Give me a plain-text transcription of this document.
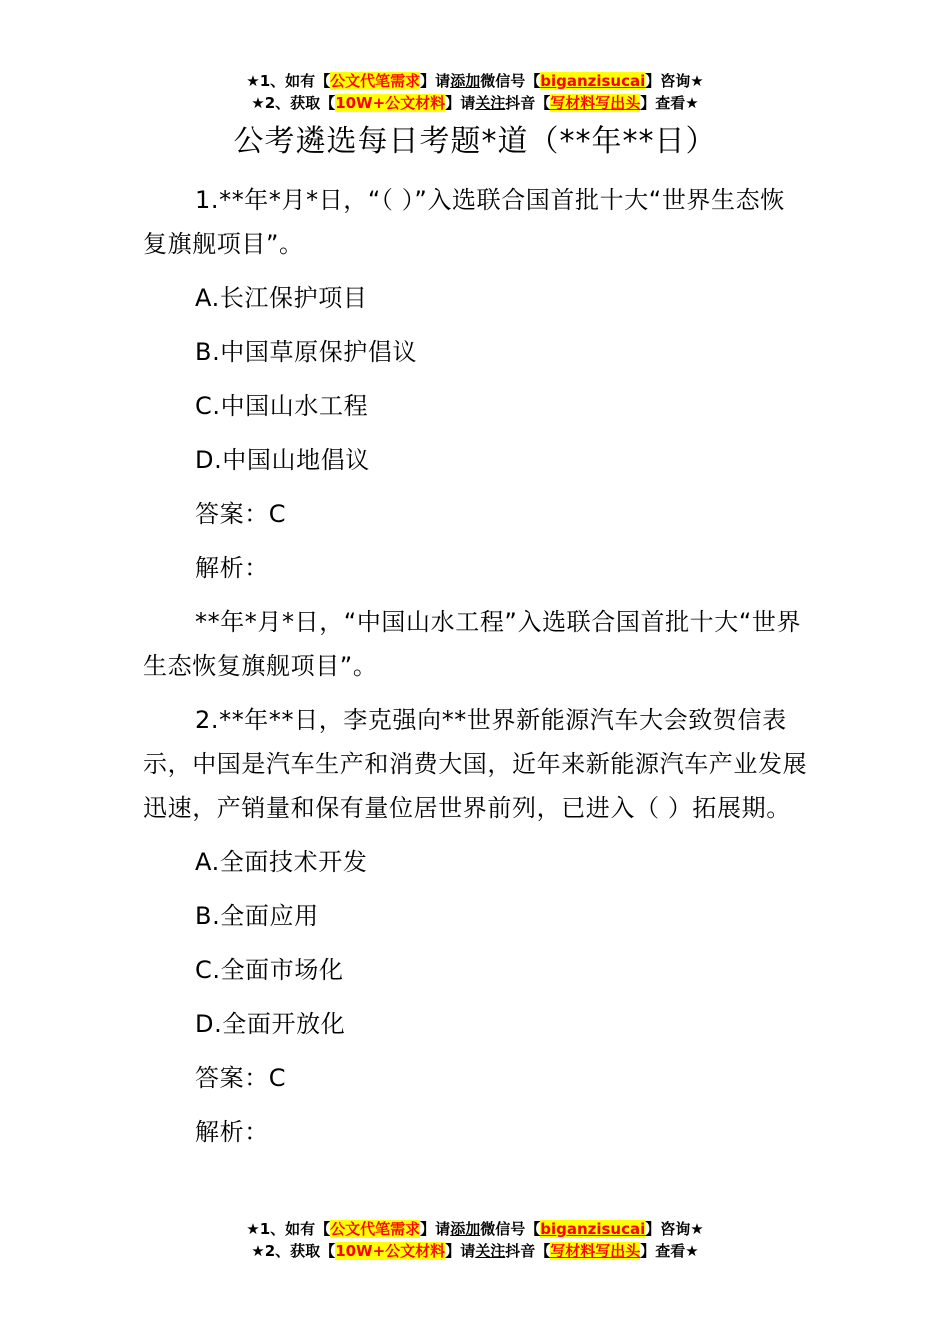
★1、如有【公文代笔需求】请添加微信号【biganzisucai】咨询★
★2、获取【10W+公文材料】请关注抖音【写材料写出头】查看★
公考遴选每日考题*道（**年**日）

1.**年*月*日，“（ ）”入选联合国首批十大“世界生态恢复旗舰项目”。

A.长江保护项目

B.中国草原保护倡议

C.中国山水工程

D.中国山地倡议

答案：C

解析：

**年*月*日，“中国山水工程”入选联合国首批十大“世界生态恢复旗舰项目”。

2.**年**日，李克强向**世界新能源汽车大会致贺信表示，中国是汽车生产和消费大国，近年来新能源汽车产业发展迅速，产销量和保有量位居世界前列，已进入（ ）拓展期。

A.全面技术开发

B.全面应用

C.全面市场化

D.全面开放化

答案：C

解析：

★1、如有【公文代笔需求】请添加微信号【biganzisucai】咨询★
★2、获取【10W+公文材料】请关注抖音【写材料写出头】查看★
